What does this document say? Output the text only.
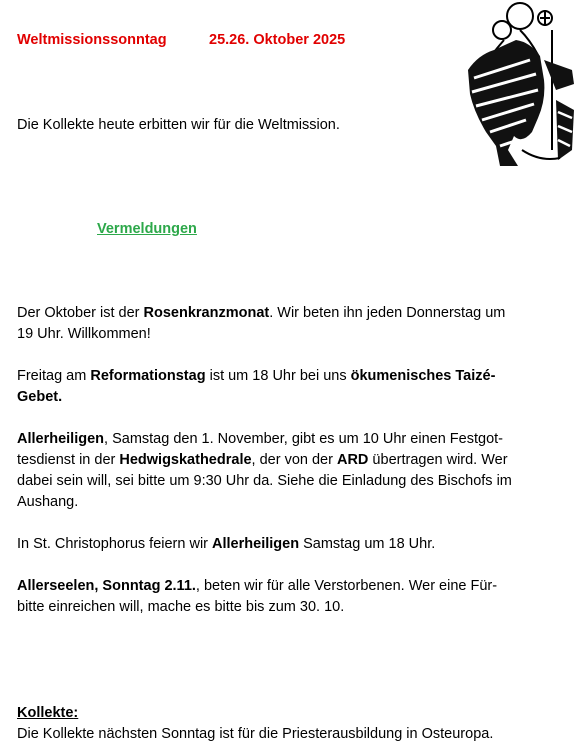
Weltmissionssonntag	25.26. Oktober 2025
Die Kollekte heute erbitten wir für die Weltmission.
Vermeldungen
Der Oktober ist der Rosenkranzmonat. Wir beten ihn jeden Donnerstag um
19 Uhr. Willkommen!
Freitag am Reformationstag ist um 18 Uhr bei uns ökumenisches Taizé-
Gebet.
Allerheiligen, Samstag den 1. November, gibt es um 10 Uhr einen Festgot-
tesdienst in der Hedwigskathedrale, der von der ARD übertragen wird. Wer
dabei sein will, sei bitte um 9:30 Uhr da. Siehe die Einladung des Bischofs im
Aushang.
In St. Christophorus feiern wir Allerheiligen Samstag um 18 Uhr.
Allerseelen, Sonntag 2.11., beten wir für alle Verstorbenen. Wer eine Für-
bitte einreichen will, mache es bitte bis zum 30. 10.
Kollekte:
Die Kollekte nächsten Sonntag ist für die Priesterausbildung in Osteuropa.
